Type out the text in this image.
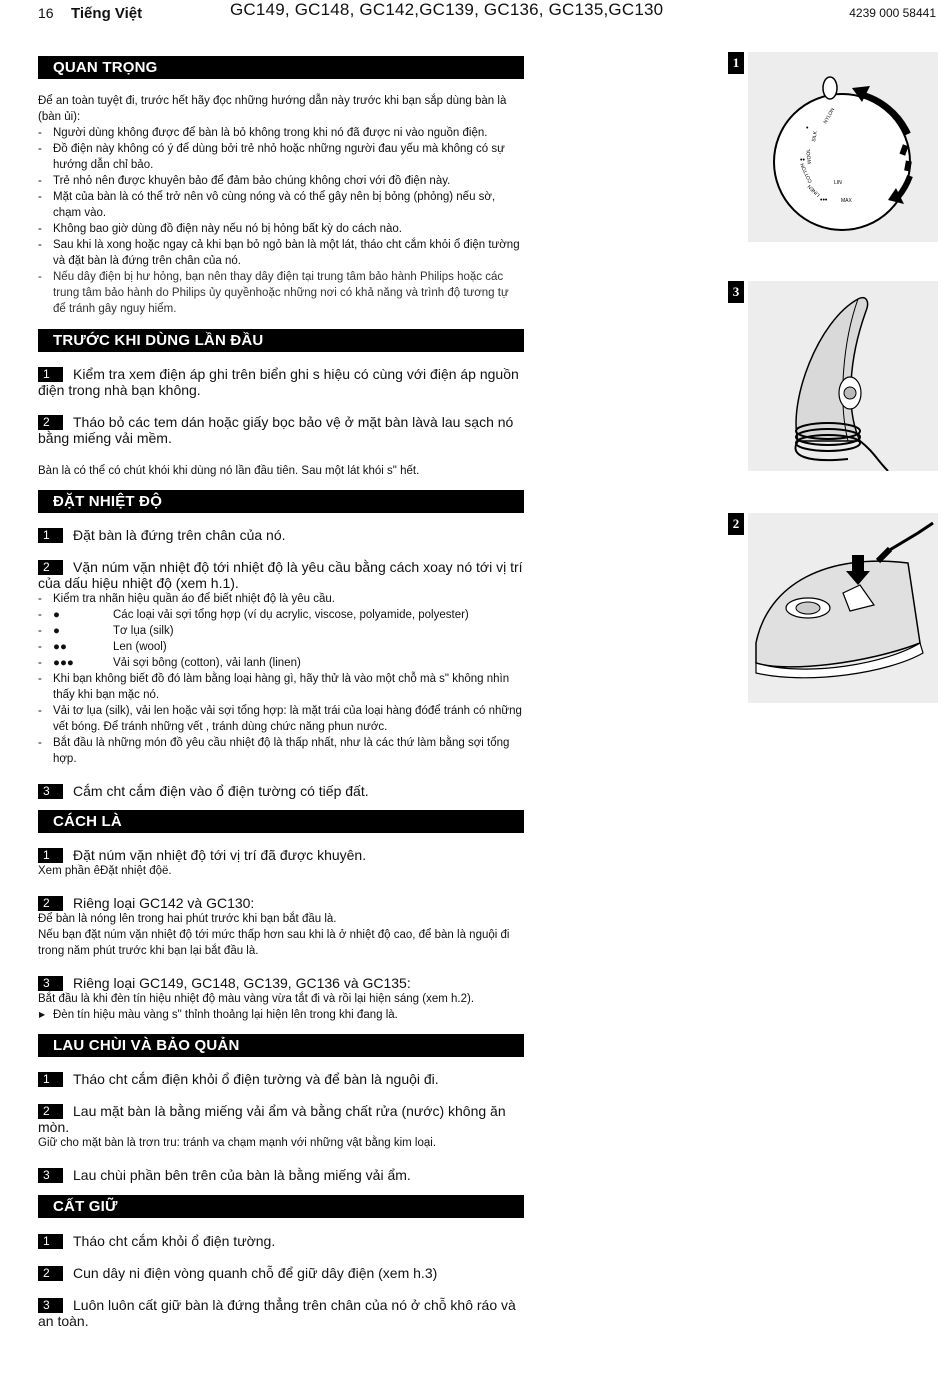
16 Tiếng Việt	GC149, GC148, GC142,GC139, GC136, GC135,GC130	4239 000 58441
QUAN TRỌNG

Để an toàn tuyệt đi, trước hết hãy đọc những hướng dẫn này trước khi bạn sắp dùng bàn là (bàn ủi):

- Người dùng không được để bàn là bỏ không trong khi nó đã được ni vào nguồn điện.
- Đồ điện này không có ý để dùng bởi trẻ nhỏ hoặc những người đau yếu mà không có sự hướng dẫn chỉ bảo.
- Trẻ nhỏ nên được khuyên bảo để đảm bảo chúng không chơi với đồ điện này.
- Mặt của bàn là có thể trở nên vô cùng nóng và có thể gây nên bị bỏng (phỏng) nếu sờ, chạm vào.
- Không bao giờ dùng đồ điện này nếu nó bị hỏng bất kỳ do cách nào.
- Sau khi là xong hoặc ngay cả khi bạn bỏ ngỏ bàn là một lát, tháo cht cắm khỏi ổ điện tường và đặt bàn là đứng trên chân của nó.
- Nếu dây điện bị hư hỏng, bạn nên thay dây điện tại trung tâm bảo hành Philips hoặc các trung tâm bảo hành do Philips ủy quyềnhoặc những nơi có khả năng và trình độ tương tự để tránh gây nguy hiểm.
TRƯỚC KHI DÙNG LẦN ĐẦU
1 Kiểm tra xem điện áp ghi trên biển ghi s hiệu có cùng với điện áp nguồn điện trong nhà bạn không.
2 Tháo bỏ các tem dán hoặc giấy bọc bảo vệ ở mặt bàn làvà lau sạch nó bằng miếng vải mềm.

Bàn là có thể có chút khói khi dùng nó lần đầu tiên. Sau một lát khói s" hết.

ĐẶT NHIỆT ĐỘ
1 Đặt bàn là đứng trên chân của nó.
2 Vặn núm vặn nhiệt độ tới nhiệt độ là yêu cầu bằng cách xoay nó tới vị trí của dấu hiệu nhiệt độ (xem h.1).
- Kiểm tra nhãn hiệu quần áo để biết nhiệt độ là yêu cầu.
- ●	Các loại vải sợi tổng hợp (ví dụ acrylic, viscose, polyamide, polyester)
- ●	Tơ lụa (silk)
- ●●	Len (wool)
- ●●●	Vải sợi bông (cotton), vải lanh (linen)
- Khi bạn không biết đồ đó làm bằng loại hàng gì, hãy thử là vào một chỗ mà s" không nhìn thấy khi bạn mặc nó.
- Vải tơ lụa (silk), vải len hoặc vải sợi tổng hợp: là mặt trái của loại hàng đóđể tránh có những vết bóng. Để tránh những vết , tránh dùng chức năng phun nước.
- Bắt đầu là những món đồ yêu cầu nhiệt độ là thấp nhất, như là các thứ làm bằng sợi tổng hợp.
3 Cắm cht cắm điện vào ổ điện tường có tiếp đất.
CÁCH LÀ
1 Đặt núm vặn nhiệt độ tới vị trí đã được khuyên.

Xem phần êĐặt nhiệt độë.

2 Riêng loại GC142 và GC130:

Để bàn là nóng lên trong hai phút trước khi bạn bắt đầu là.

Nếu bạn đặt núm vặn nhiệt độ tới mức thấp hơn sau khi là ở nhiệt độ cao, để bàn là nguội đi trong năm phút trước khi bạn lại bắt đầu là.

3 Riêng loại GC149, GC148, GC139, GC136 và GC135:

Bắt đầu là khi đèn tín hiệu nhiệt độ màu vàng vừa tắt đi và rồi lại hiện sáng (xem h.2).

▶ Đèn tín hiệu màu vàng s" thỉnh thoảng lại hiện lên trong khi đang là.
LAU CHÙI VÀ BẢO QUẢN
1 Tháo cht cắm điện khỏi ổ điện tường và để bàn là nguội đi.
2 Lau mặt bàn là bằng miếng vải ẩm và bằng chất rửa (nước) không ăn mòn.

Giữ cho mặt bàn là trơn tru: tránh va chạm mạnh với những vật bằng kim loại.

3 Lau chùi phần bên trên của bàn là bằng miếng vải ẩm.
CẤT GIỮ
1 Tháo cht cắm khỏi ổ điện tường.
2 Cun dây ni điện vòng quanh chỗ để giữ dây điện (xem h.3)
3 Luôn luôn cất giữ bàn là đứng thẳng trên chân của nó ở chỗ khô ráo và an toàn.
1
NYLON
SILK
WOOL
COTTON
LINEN
LIN
MAX
•
••
•••
3
2
